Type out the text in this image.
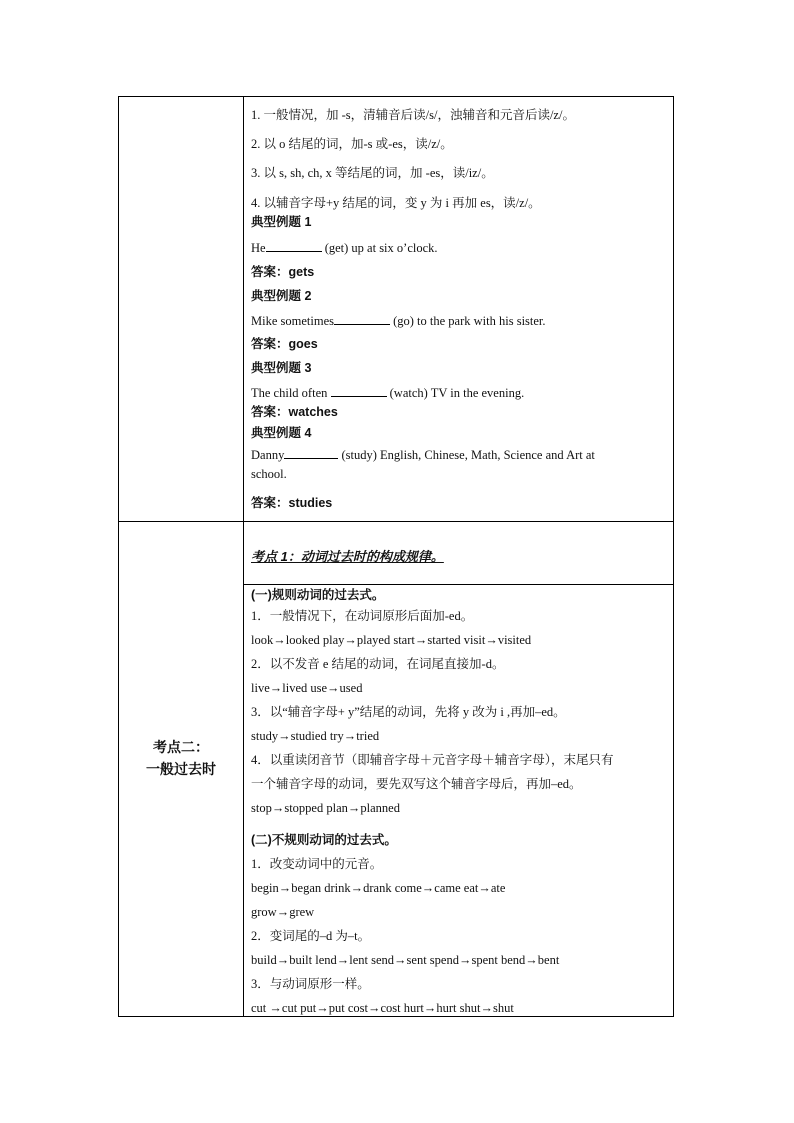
1. 一般情况，加 -s，清辅音后读/s/，浊辅音和元音后读/z/。
2. 以 o 结尾的词，加-s 或-es，读/z/。
3. 以 s, sh, ch, x 等结尾的词，加 -es，读/iz/。
4. 以辅音字母+y 结尾的词，变 y 为 i 再加 es，读/z/。
典型例题 1
He	(get) up at six o’clock.
答案：gets
典型例题 2
Mike sometimes	(go) to the park with his sister.
答案：goes
典型例题 3
The child often	(watch) TV in the evening.
答案：watches
典型例题 4
Danny	(study) English, Chinese, Math, Science and Art at
school.
答案：studies
考点二：
一般过去时
考点 1：动词过去时的构成规律。
(一)规则动词的过去式。
1．一般情况下，在动词原形后面加-ed。
look→looked play→played start→started visit→visited
2．以不发音 e 结尾的动词，在词尾直接加-d。
live→lived use→used
3．以“辅音字母+ y”结尾的动词，先将 y 改为 i ,再加–ed。
study→studied try→tried
4．以重读闭音节（即辅音字母＋元音字母＋辅音字母），末尾只有
一个辅音字母的动词，要先双写这个辅音字母后，再加–ed。
stop→stopped plan→planned
(二)不规则动词的过去式。
1．改变动词中的元音。
begin→began drink→drank come→came eat→ate
grow→grew
2．变词尾的–d 为–t。
build→built lend→lent send→sent spend→spent bend→bent
3．与动词原形一样。
cut →cut put→put cost→cost hurt→hurt shut→shut
